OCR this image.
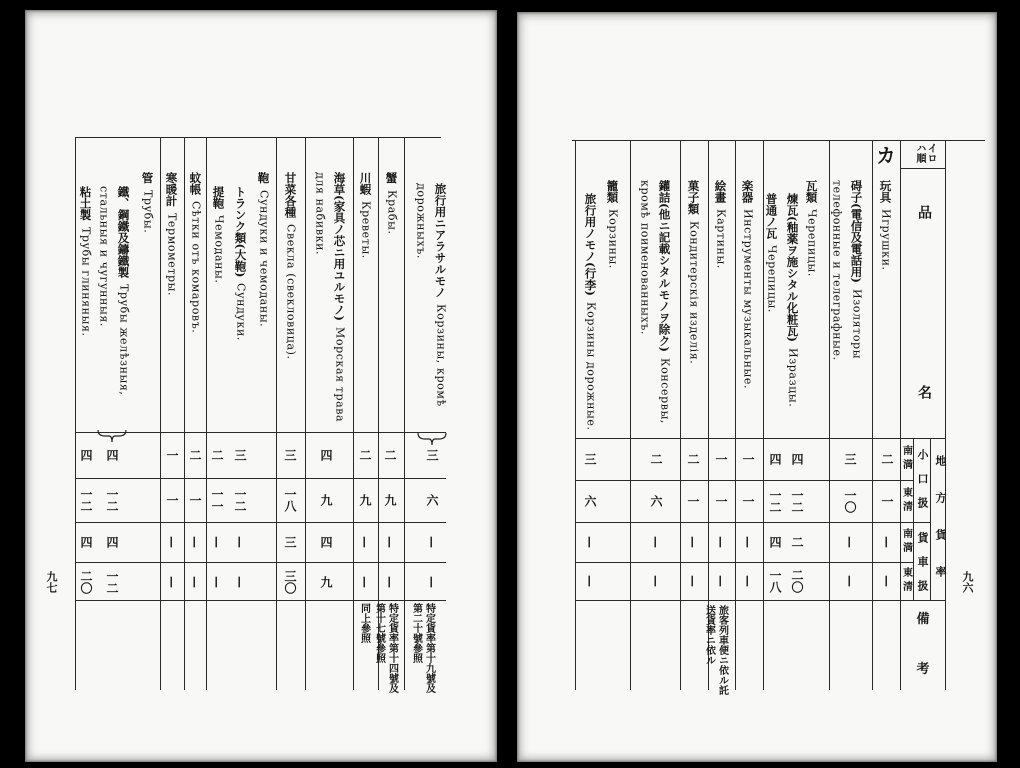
旅行用ニアラサルモノКорзины, кромѣ дорожныхъ.
三
六
—
—
特定貨率第十九號及第二十號參照
蟹Крабы.
二
九
—
—
特定貨率第十四號及第十七號參照
川蝦Креветы.
二
九
—
—
同上參照
海草(家具ノ芯ニ用ユルモノ)Морская трава для набивки.
四
九
四
九
甘菜各種Свекла (свекловица).
三
一八
三
三〇
鞄Сундуки и чемоданы.
トランク類(大鞄)Сундуки.
三
一二
—
—
提鞄Чемоданы.
二
一一
—
—
蚊帳Сѣтки отъ комаровъ.
二
一
—
—
寒暖計Термометры.
一
一
—
—
管Трубы.
鐵、鋼鐵及鑄鐵製Трубы желѣзныя, стальныя и чугунныя.
四
一二
四
一二
粘土製Трубы глиняныя.
四
一二
四
二〇
九七
玩具Игрушки.
二
一
—
—
碍子(電信及電話用)Изоляторы телефонные и телеграфные.
三
一〇
—
—
瓦類Черепицы.
煉瓦(釉薬ヲ施シタル化粧瓦)Изразцы.
四
一二
二
二〇
普通ノ瓦Черепицы.
四
一二
四
一八
楽器Инструменты музыкальные.
一
一
—
—
絵畫Картины.
一
一
—
—
旅客列車便ニ依ル託送貨率ニ依ル
菓子類Кондитерскія изделія.
二
一
—
—
鑵詰(他ニ記載シタルモノヲ除ク)Консервы, кромѣ поименованныхъ.
二
六
—
—
籠類Корзины.
旅行用ノモノ(行李)Корзины дорожные.
三
六
—
—
イロハ順
カ
品
名
地方貨率
小口扱
貨車扱
南満
東清
南満
東清
備
考
九六
